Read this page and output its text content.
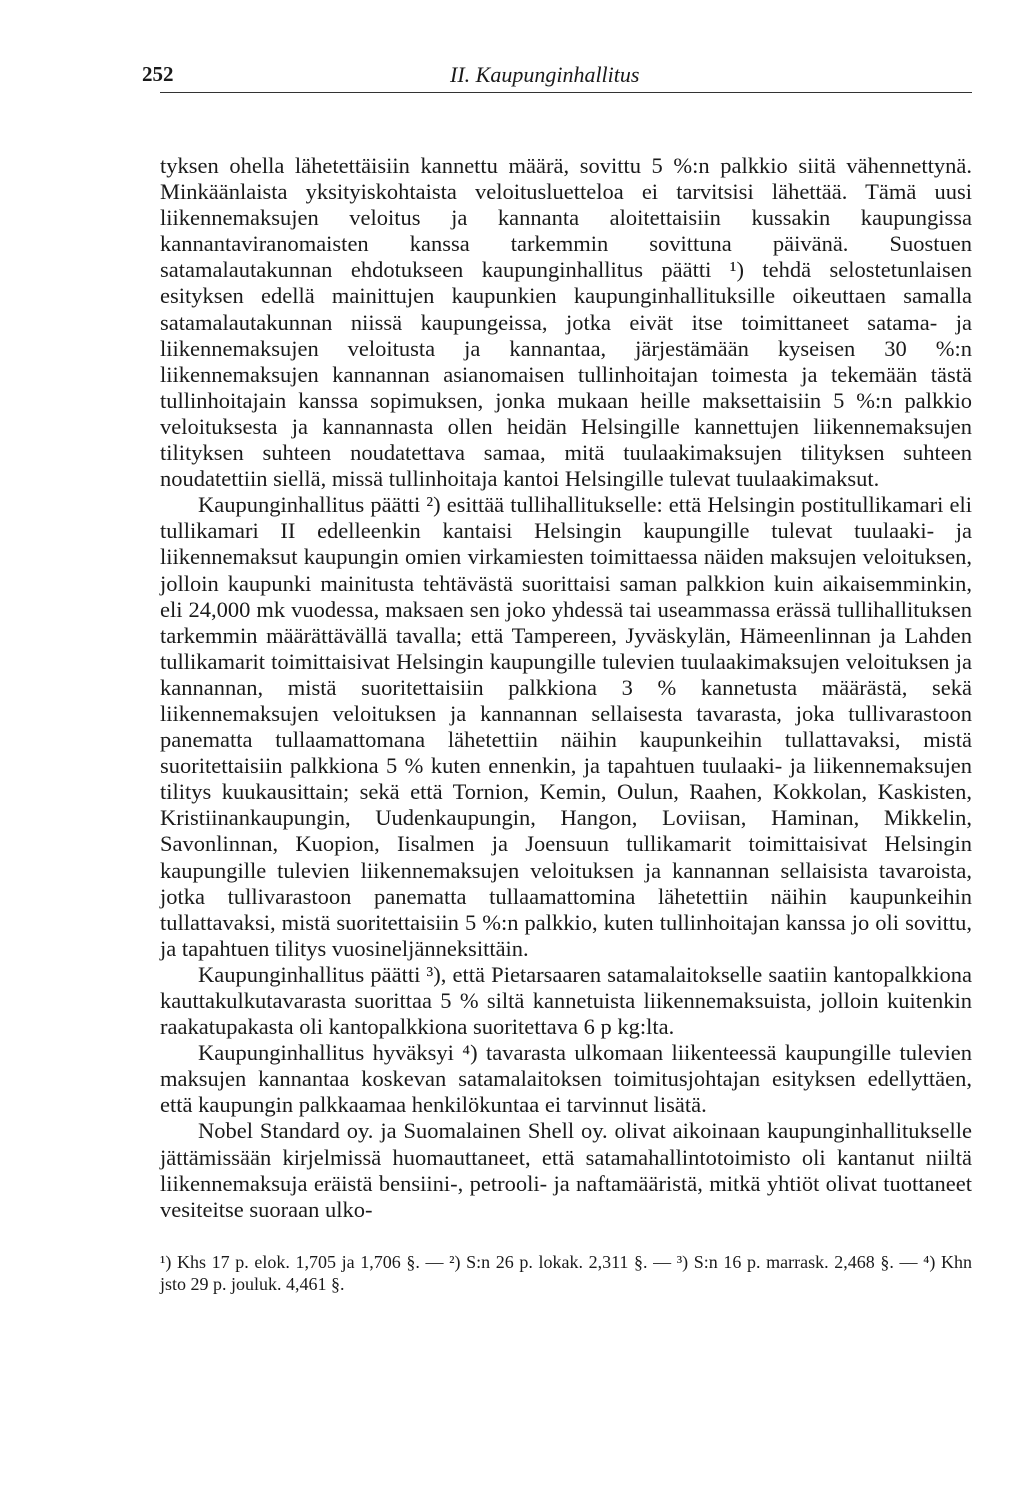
252	II. Kaupunginhallitus

tyksen ohella lähetettäisiin kannettu määrä, sovittu 5 %:n palkkio siitä vähennettynä. Minkäänlaista yksityiskohtaista veloitusluetteloa ei tarvitsisi lähettää. Tämä uusi liikennemaksujen veloitus ja kannanta aloitettaisiin kussakin kaupungissa kannantaviranomaisten kanssa tarkemmin sovittuna päivänä. Suostuen satamalautakunnan ehdotukseen kaupunginhallitus päätti ¹) tehdä selostetunlaisen esityksen edellä mainittujen kaupunkien kaupunginhallituksille oikeuttaen samalla satamalautakunnan niissä kaupungeissa, jotka eivät itse toimittaneet satama- ja liikennemaksujen veloitusta ja kannantaa, järjestämään kyseisen 30 %:n liikennemaksujen kannannan asianomaisen tullinhoitajan toimesta ja tekemään tästä tullinhoitajain kanssa sopimuksen, jonka mukaan heille maksettaisiin 5 %:n palkkio veloituksesta ja kannannasta ollen heidän Helsingille kannettujen liikennemaksujen tilityksen suhteen noudatettava samaa, mitä tuulaakimaksujen tilityksen suhteen noudatettiin siellä, missä tullinhoitaja kantoi Helsingille tulevat tuulaakimaksut.

Kaupunginhallitus päätti ²) esittää tullihallitukselle: että Helsingin postitullikamari eli tullikamari II edelleenkin kantaisi Helsingin kaupungille tulevat tuulaaki- ja liikennemaksut kaupungin omien virkamiesten toimittaessa näiden maksujen veloituksen, jolloin kaupunki mainitusta tehtävästä suorittaisi saman palkkion kuin aikaisemminkin, eli 24,000 mk vuodessa, maksaen sen joko yhdessä tai useammassa erässä tullihallituksen tarkemmin määrättävällä tavalla; että Tampereen, Jyväskylän, Hämeenlinnan ja Lahden tullikamarit toimittaisivat Helsingin kaupungille tulevien tuulaakimaksujen veloituksen ja kannannan, mistä suoritettaisiin palkkiona 3 % kannetusta määrästä, sekä liikennemaksujen veloituksen ja kannannan sellaisesta tavarasta, joka tullivarastoon panematta tullaamattomana lähetettiin näihin kaupunkeihin tullattavaksi, mistä suoritettaisiin palkkiona 5 % kuten ennenkin, ja tapahtuen tuulaaki- ja liikennemaksujen tilitys kuukausittain; sekä että Tornion, Kemin, Oulun, Raahen, Kokkolan, Kaskisten, Kristiinankaupungin, Uudenkaupungin, Hangon, Loviisan, Haminan, Mikkelin, Savonlinnan, Kuopion, Iisalmen ja Joensuun tullikamarit toimittaisivat Helsingin kaupungille tulevien liikennemaksujen veloituksen ja kannannan sellaisista tavaroista, jotka tullivarastoon panematta tullaamattomina lähetettiin näihin kaupunkeihin tullattavaksi, mistä suoritettaisiin 5 %:n palkkio, kuten tullinhoitajan kanssa jo oli sovittu, ja tapahtuen tilitys vuosineljänneksittäin.

Kaupunginhallitus päätti ³), että Pietarsaaren satamalaitokselle saatiin kantopalkkiona kauttakulkutavarasta suorittaa 5 % siltä kannetuista liikennemaksuista, jolloin kuitenkin raakatupakasta oli kantopalkkiona suoritettava 6 p kg:lta.

Kaupunginhallitus hyväksyi ⁴) tavarasta ulkomaan liikenteessä kaupungille tulevien maksujen kannantaa koskevan satamalaitoksen toimitusjohtajan esityksen edellyttäen, että kaupungin palkkaamaa henkilökuntaa ei tarvinnut lisätä.

Nobel Standard oy. ja Suomalainen Shell oy. olivat aikoinaan kaupunginhallitukselle jättämissään kirjelmissä huomauttaneet, että satamahallintotoimisto oli kantanut niiltä liikennemaksuja eräistä bensiini-, petrooli- ja naftamääristä, mitkä yhtiöt olivat tuottaneet vesiteitse suoraan ulko-

¹) Khs 17 p. elok. 1,705 ja 1,706 §. — ²) S:n 26 p. lokak. 2,311 §. — ³) S:n 16 p. marrask. 2,468 §. — ⁴) Khn jsto 29 p. jouluk. 4,461 §.
